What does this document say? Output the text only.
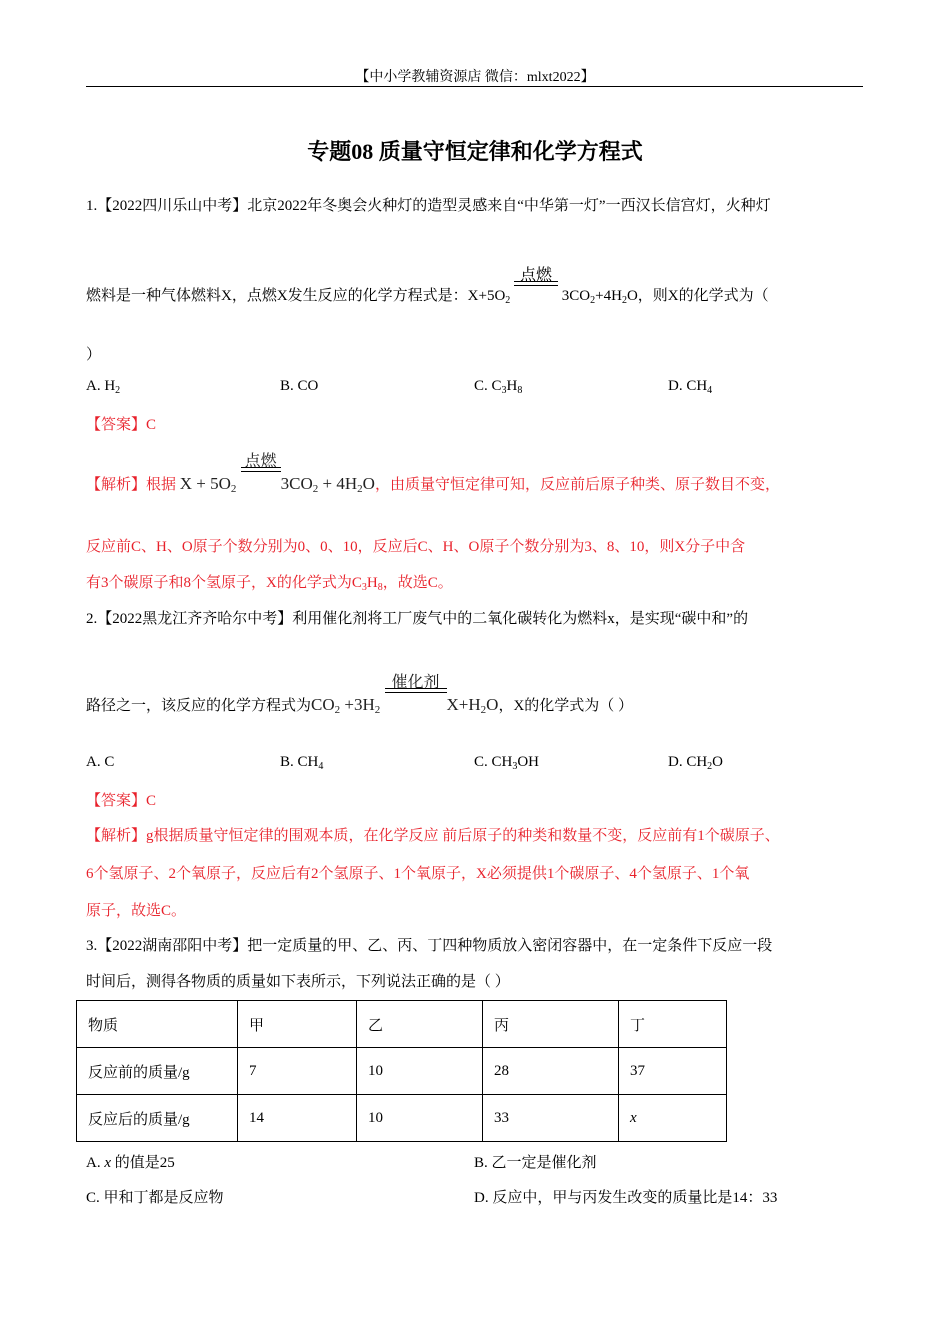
【中小学教辅资源店 微信：mlxt2022】
专题08 质量守恒定律和化学方程式
1.【2022四川乐山中考】北京2022年冬奥会火种灯的造型灵感来自“中华第一灯”一西汉长信宫灯，火种灯
燃料是一种气体燃料X，点燃X发生反应的化学方程式是：$X+5O_2$
点燃
$3CO_2+4H_2O$，则X的化学式为（
）
A. $H_2$	B. CO	C. $C_3H_8$	D. $CH_4$
【答案】C
【解析】根据 $X + 5O_2$
点燃
$3CO_2 + 4H_2O$，由质量守恒定律可知，反应前后原子种类、原子数目不变，
反应前C、H、O原子个数分别为0、0、10，反应后C、H、O原子个数分别为3、8、10，则X分子中含
有3个碳原子和8个氢原子，X的化学式为$C_3H_8$，故选C。
2.【2022黑龙江齐齐哈尔中考】利用催化剂将工厂废气中的二氧化碳转化为燃料x，是实现“碳中和”的
路径之一，该反应的化学方程式为$CO_2 +3H_2$
催化剂
$X+H_2O$，X的化学式为（ ）
A. C	B. $CH_4$	C. $CH_3OH$	D. $CH_2O$
【答案】C
【解析】g根据质量守恒定律的围观本质，在化学反应 前后原子的种类和数量不变，反应前有1个碳原子、
6个氢原子、2个氧原子，反应后有2个氢原子、1个氧原子，X必须提供1个碳原子、4个氢原子、1个氧
原子，故选C。
3.【2022湖南邵阳中考】把一定质量的甲、乙、丙、丁四种物质放入密闭容器中，在一定条件下反应一段
时间后，测得各物质的质量如下表所示，下列说法正确的是（ ）
物质	甲	乙	丙	丁
反应前的质量/g	7	10	28	37
反应后的质量/g	14	10	33	x
A. x 的值是25	B. 乙一定是催化剂
C. 甲和丁都是反应物	D. 反应中，甲与丙发生改变的质量比是14：33
